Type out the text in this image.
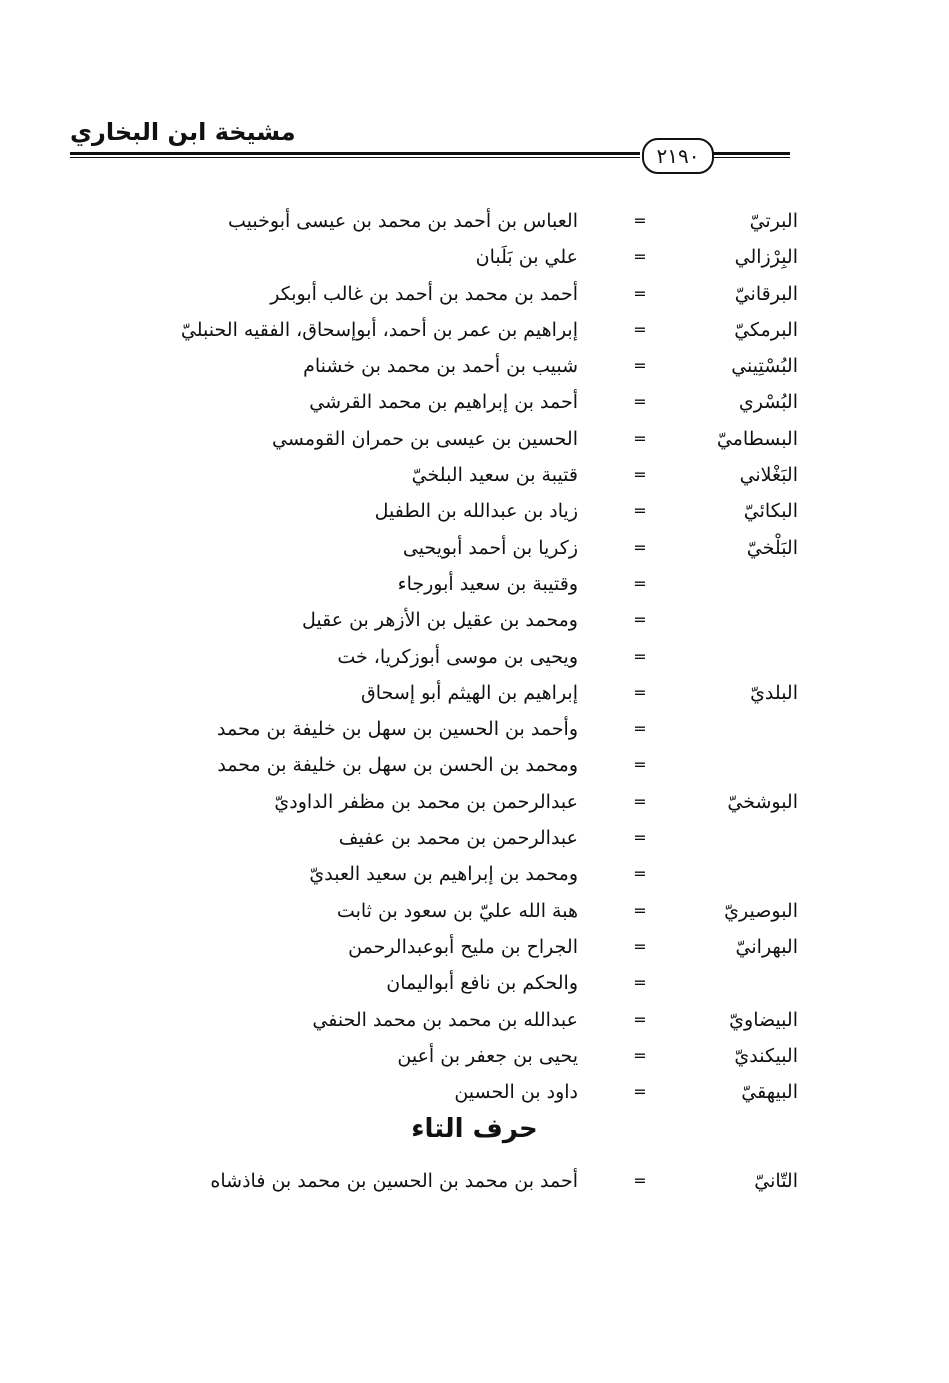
مشيخة ابن البخاري
٢١٩٠
البرتيّ
=
العباس بن أحمد بن محمد بن عيسى أبوخبيب
البِرْزالي
=
علي بن بَلَبان
البرقانيّ
=
أحمد بن محمد بن أحمد بن غالب أبوبكر
البرمكيّ
=
إبراهيم بن عمر بن أحمد، أبوإسحاق، الفقيه الحنبليّ
البُسْتِيني
=
شبيب بن أحمد بن محمد بن خشنام
البُسْري
=
أحمد بن إبراهيم بن محمد القرشي
البسطاميّ
=
الحسين بن عيسى بن حمران القومسي
البَغْلاني
=
قتيبة بن سعيد البلخيّ
البكائيّ
=
زياد بن عبدالله بن الطفيل
البَلْخيّ
=
زكريا بن أحمد أبويحيى
=
وقتيبة بن سعيد أبورجاء
=
ومحمد بن عقيل بن الأزهر بن عقيل
=
ويحيى بن موسى أبوزكريا، خت
البلديّ
=
إبراهيم بن الهيثم أبو إسحاق
=
وأحمد بن الحسين بن سهل بن خليفة بن محمد
=
ومحمد بن الحسن بن سهل بن خليفة بن محمد
البوشخيّ
=
عبدالرحمن بن محمد بن مظفر الداوديّ
=
عبدالرحمن بن محمد بن عفيف
=
ومحمد بن إبراهيم بن سعيد العبديّ
البوصيريّ
=
هبة الله عليّ بن سعود بن ثابت
البهرانيّ
=
الجراح بن مليح أبوعبدالرحمن
=
والحكم بن نافع أبواليمان
البيضاويّ
=
عبدالله بن محمد بن محمد الحنفي
البيكنديّ
=
يحيى بن جعفر بن أعين
البيهقيّ
=
داود بن الحسين
حرف التاء
التّانيّ
=
أحمد بن محمد بن الحسين بن محمد بن فاذشاه
